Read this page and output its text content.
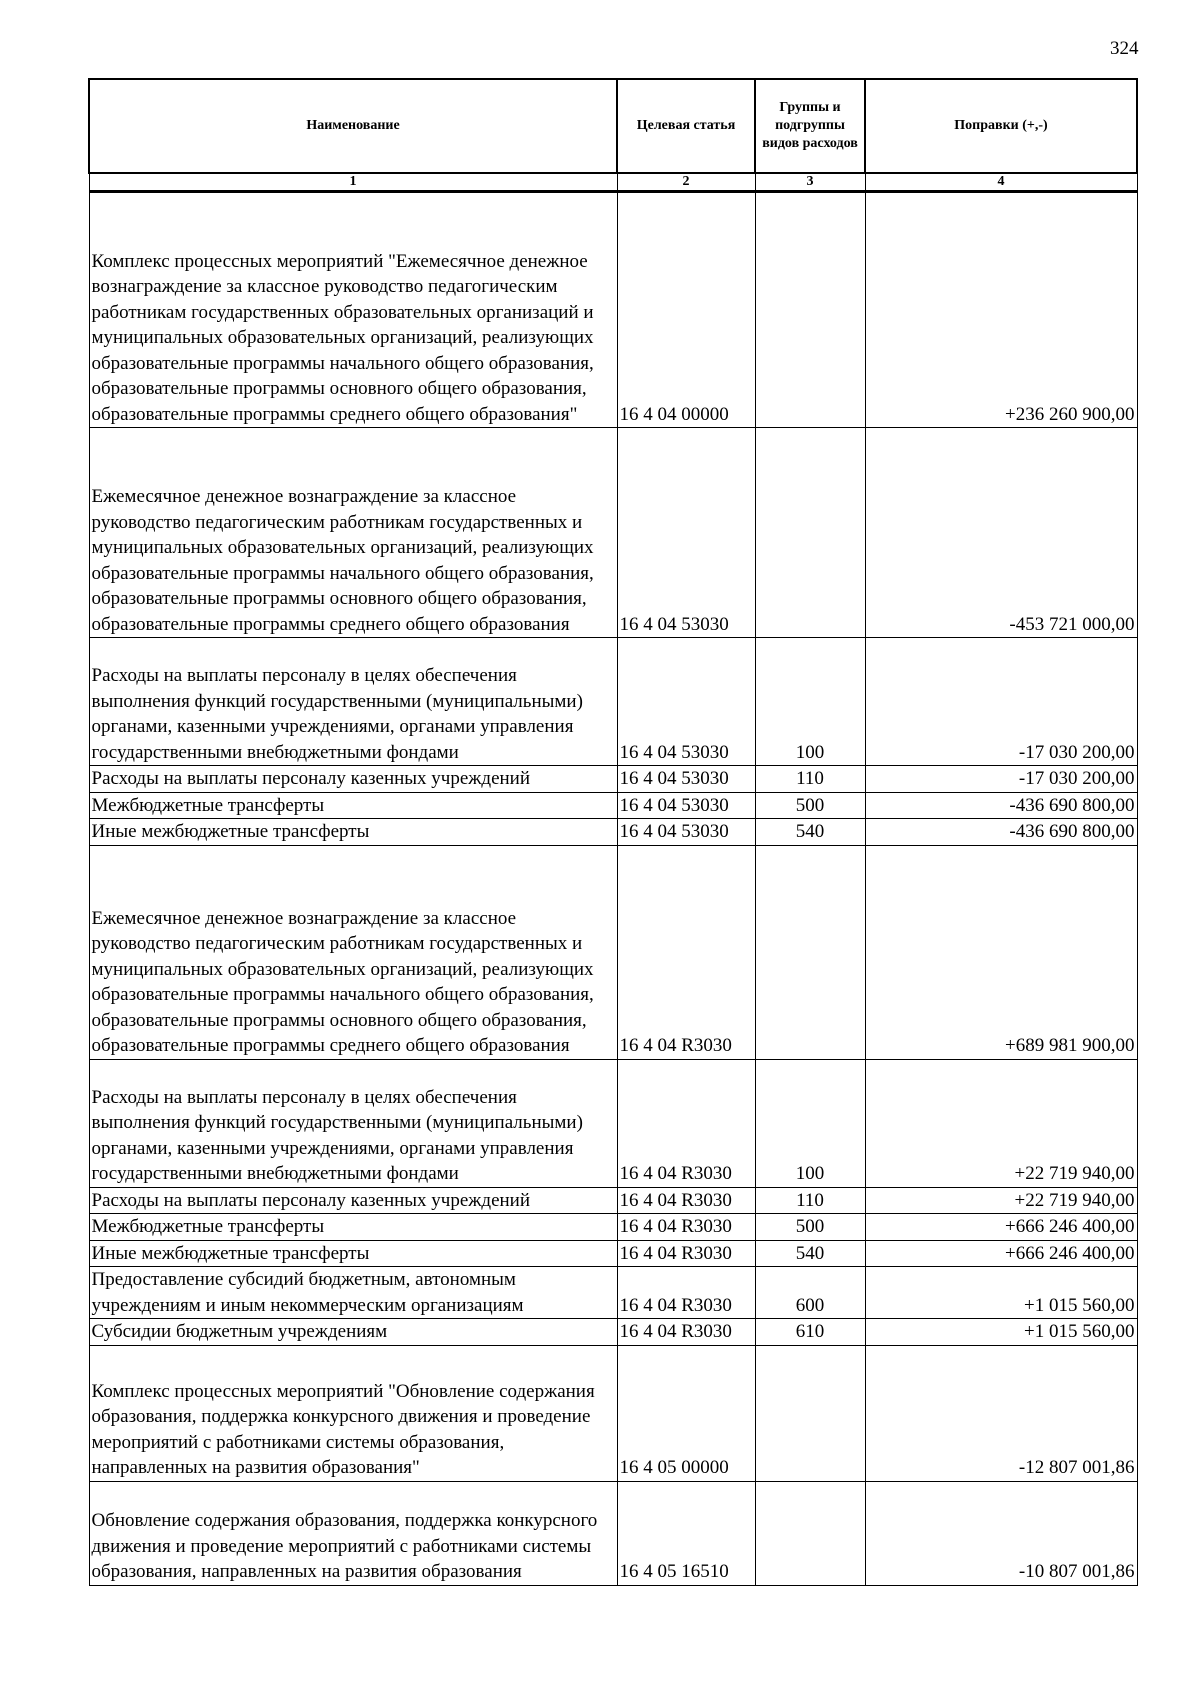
324
Наименование	Целевая статья	Группы и подгруппы видов расходов	Поправки (+,-)
1	2	3	4
Комплекс процессных мероприятий "Ежемесячное денежное вознаграждение за классное руководство педагогическим работникам государственных образовательных организаций и муниципальных образовательных организаций, реализующих образовательные программы начального общего образования, образовательные программы основного общего образования, образовательные программы среднего общего образования"	16 4 04 00000		+236 260 900,00
Ежемесячное денежное вознаграждение за классное руководство педагогическим работникам государственных и муниципальных образовательных организаций, реализующих образовательные программы начального общего образования, образовательные программы основного общего образования, образовательные программы среднего общего образования	16 4 04 53030		-453 721 000,00
Расходы на выплаты персоналу в целях обеспечения выполнения функций государственными (муниципальными) органами, казенными учреждениями, органами управления государственными внебюджетными фондами	16 4 04 53030	100	-17 030 200,00
Расходы на выплаты персоналу казенных учреждений	16 4 04 53030	110	-17 030 200,00
Межбюджетные трансферты	16 4 04 53030	500	-436 690 800,00
Иные межбюджетные трансферты	16 4 04 53030	540	-436 690 800,00
Ежемесячное денежное вознаграждение за классное руководство педагогическим работникам государственных и муниципальных образовательных организаций, реализующих образовательные программы начального общего образования, образовательные программы основного общего образования, образовательные программы среднего общего образования	16 4 04 R3030		+689 981 900,00
Расходы на выплаты персоналу в целях обеспечения выполнения функций государственными (муниципальными) органами, казенными учреждениями, органами управления государственными внебюджетными фондами	16 4 04 R3030	100	+22 719 940,00
Расходы на выплаты персоналу казенных учреждений	16 4 04 R3030	110	+22 719 940,00
Межбюджетные трансферты	16 4 04 R3030	500	+666 246 400,00
Иные межбюджетные трансферты	16 4 04 R3030	540	+666 246 400,00
Предоставление субсидий бюджетным, автономным учреждениям и иным некоммерческим организациям	16 4 04 R3030	600	+1 015 560,00
Субсидии бюджетным учреждениям	16 4 04 R3030	610	+1 015 560,00
Комплекс процессных мероприятий "Обновление содержания образования, поддержка конкурсного движения и проведение мероприятий с работниками системы образования, направленных на развития образования"	16 4 05 00000		-12 807 001,86
Обновление содержания образования, поддержка конкурсного движения и проведение мероприятий с работниками системы образования, направленных на развития образования	16 4 05 16510		-10 807 001,86
